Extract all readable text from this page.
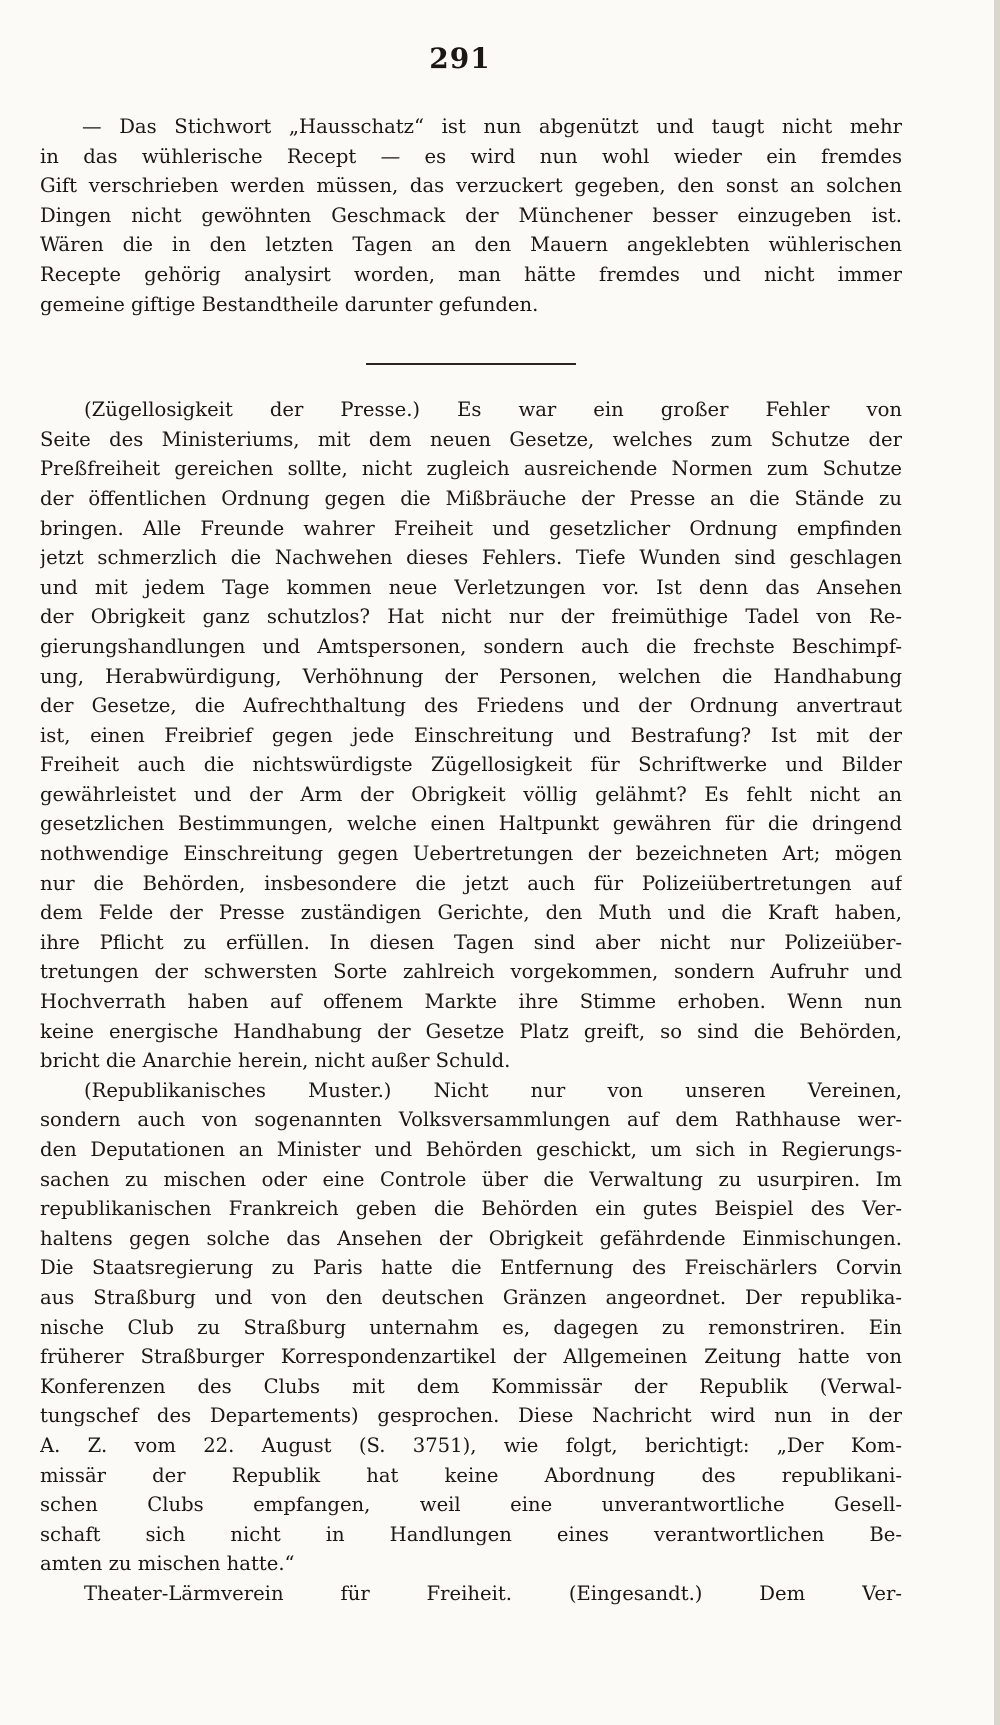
291
— Das Stichwort „Hausschatz“ ist nun abgenützt und taugt nicht mehr
in das wühlerische Recept — es wird nun wohl wieder ein fremdes
Gift verschrieben werden müssen, das verzuckert gegeben, den sonst an solchen
Dingen nicht gewöhnten Geschmack der Münchener besser einzugeben ist.
Wären die in den letzten Tagen an den Mauern angeklebten wühlerischen
Recepte gehörig analysirt worden, man hätte fremdes und nicht immer
gemeine giftige Bestandtheile darunter gefunden.
(Zügellosigkeit der Presse.) Es war ein großer Fehler von
Seite des Ministeriums, mit dem neuen Gesetze, welches zum Schutze der
Preßfreiheit gereichen sollte, nicht zugleich ausreichende Normen zum Schutze
der öffentlichen Ordnung gegen die Mißbräuche der Presse an die Stände zu
bringen. Alle Freunde wahrer Freiheit und gesetzlicher Ordnung empfinden
jetzt schmerzlich die Nachwehen dieses Fehlers. Tiefe Wunden sind geschlagen
und mit jedem Tage kommen neue Verletzungen vor. Ist denn das Ansehen
der Obrigkeit ganz schutzlos? Hat nicht nur der freimüthige Tadel von Re-
gierungshandlungen und Amtspersonen, sondern auch die frechste Beschimpf-
ung, Herabwürdigung, Verhöhnung der Personen, welchen die Handhabung
der Gesetze, die Aufrechthaltung des Friedens und der Ordnung anvertraut
ist, einen Freibrief gegen jede Einschreitung und Bestrafung? Ist mit der
Freiheit auch die nichtswürdigste Zügellosigkeit für Schriftwerke und Bilder
gewährleistet und der Arm der Obrigkeit völlig gelähmt? Es fehlt nicht an
gesetzlichen Bestimmungen, welche einen Haltpunkt gewähren für die dringend
nothwendige Einschreitung gegen Uebertretungen der bezeichneten Art; mögen
nur die Behörden, insbesondere die jetzt auch für Polizeiübertretungen auf
dem Felde der Presse zuständigen Gerichte, den Muth und die Kraft haben,
ihre Pflicht zu erfüllen. In diesen Tagen sind aber nicht nur Polizeiüber-
tretungen der schwersten Sorte zahlreich vorgekommen, sondern Aufruhr und
Hochverrath haben auf offenem Markte ihre Stimme erhoben. Wenn nun
keine energische Handhabung der Gesetze Platz greift, so sind die Behörden,
bricht die Anarchie herein, nicht außer Schuld.
(Republikanisches Muster.) Nicht nur von unseren Vereinen,
sondern auch von sogenannten Volksversammlungen auf dem Rathhause wer-
den Deputationen an Minister und Behörden geschickt, um sich in Regierungs-
sachen zu mischen oder eine Controle über die Verwaltung zu usurpiren. Im
republikanischen Frankreich geben die Behörden ein gutes Beispiel des Ver-
haltens gegen solche das Ansehen der Obrigkeit gefährdende Einmischungen.
Die Staatsregierung zu Paris hatte die Entfernung des Freischärlers Corvin
aus Straßburg und von den deutschen Gränzen angeordnet. Der republika-
nische Club zu Straßburg unternahm es, dagegen zu remonstriren. Ein
früherer Straßburger Korrespondenzartikel der Allgemeinen Zeitung hatte von
Konferenzen des Clubs mit dem Kommissär der Republik (Verwal-
tungschef des Departements) gesprochen. Diese Nachricht wird nun in der
A. Z. vom 22. August (S. 3751), wie folgt, berichtigt: „Der Kom-
missär der Republik hat keine Abordnung des republikani-
schen Clubs empfangen, weil eine unverantwortliche Gesell-
schaft sich nicht in Handlungen eines verantwortlichen Be-
amten zu mischen hatte.“
Theater-Lärmverein für Freiheit. (Eingesandt.) Dem Ver-
